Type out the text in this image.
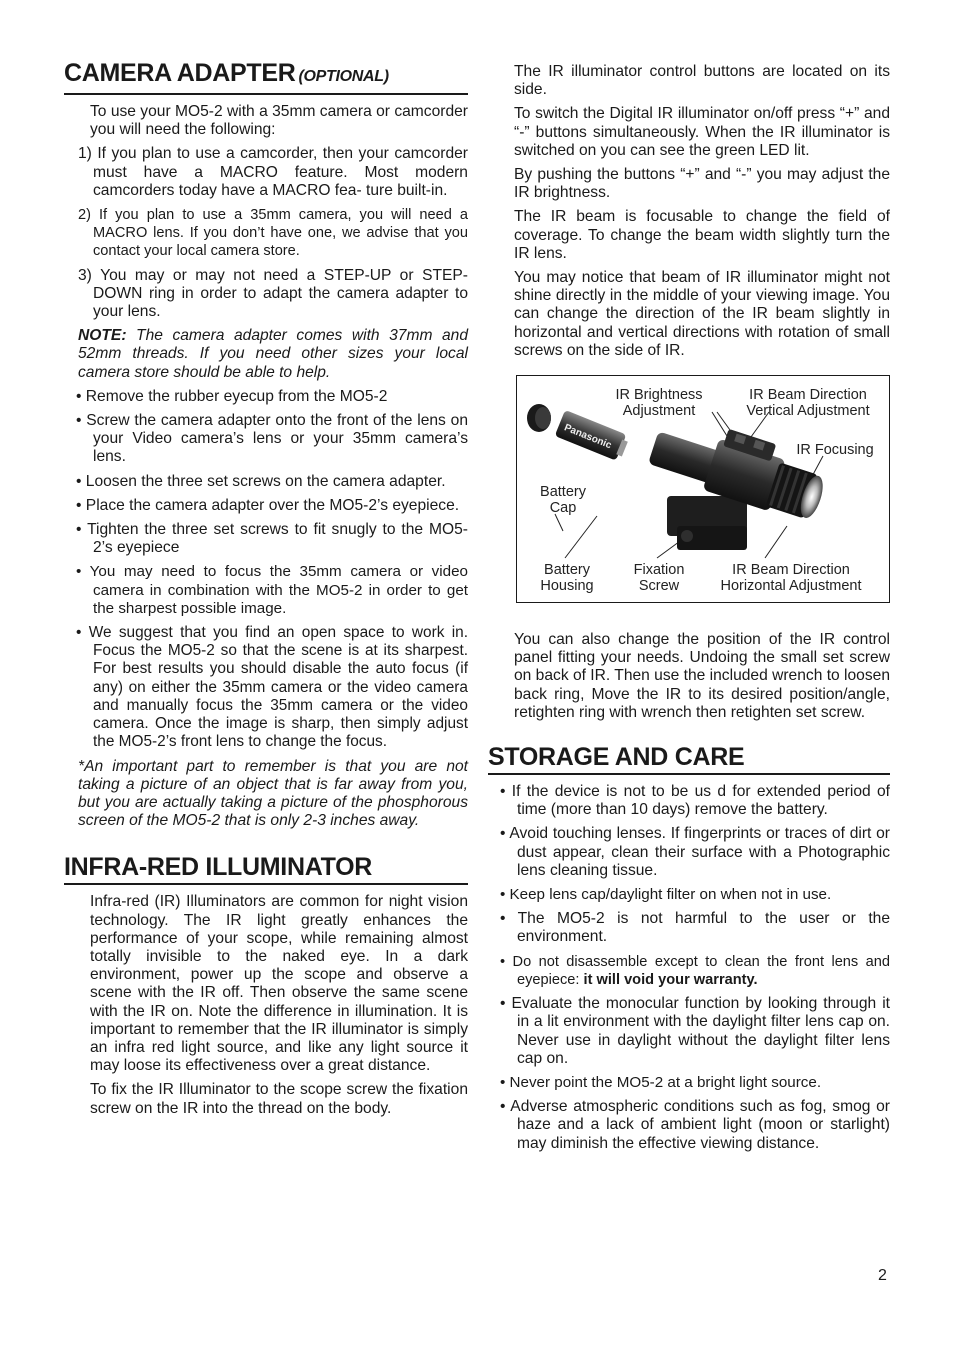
CAMERA ADAPTER (OPTIONAL)

To use your MO5-2 with a 35mm camera or camcorder you will need the following:

1) If you plan to use a camcorder, then your camcorder must have a MACRO feature. Most modern camcorders today have a MACRO fea- ture built-in.

2) If you plan to use a 35mm camera, you will need a MACRO lens. If you don’t have one, we advise that you contact your local camera store.

3) You may or may not need a STEP-UP or STEP-DOWN ring in order to adapt the camera adapter to your lens.

NOTE: The camera adapter comes with 37mm and 52mm threads. If you need other sizes your local camera store should be able to help.

• Remove the rubber eyecup from the MO5-2

• Screw the camera adapter onto the front of the lens on your Video camera’s lens or your 35mm camera’s lens.

• Loosen the three set screws on the camera adapter.

• Place the camera adapter over the MO5-2’s eyepiece.

• Tighten the three set screws to fit snugly to the MO5-2’s eyepiece

• You may need to focus the 35mm camera or video camera in combination with the MO5-2 in order to get the sharpest possible image.

• We suggest that you find an open space to work in. Focus the MO5-2 so that the scene is at its sharpest. For best results you should disable the auto focus (if any) on either the 35mm camera or the video camera and manually focus the 35mm camera or the video camera. Once the image is sharp, then simply adjust the MO5-2’s front lens to change the focus.

*An important part to remember is that you are not taking a picture of an object that is far away from you, but you are actually taking a picture of the phosphorous screen of the MO5-2 that is only 2-3 inches away.

INFRA-RED ILLUMINATOR

Infra-red (IR) Illuminators are common for night vision technology. The IR light greatly enhances the performance of your scope, while remaining almost totally invisible to the naked eye. In a dark environment, power up the scope and observe a scene with the IR off. Then observe the same scene with the IR on. Note the difference in illumination. It is important to remember that the IR illuminator is simply an infra red light source, and like any light source it may loose its effectiveness over a great distance.

To fix the IR Illuminator to the scope screw the fixation screw on the IR into the thread on the body.

The IR illuminator control buttons are located on its side.

To switch the Digital IR illuminator on/off press “+” and “-” buttons simultaneously. When the IR illuminator is switched on you can see the green LED lit.

By pushing the buttons “+” and “-” you may adjust the IR brightness.

The IR beam is focusable to change the field of coverage. To change the beam width slightly turn the IR lens.

You may notice that beam of IR illuminator might not shine directly in the middle of your viewing image. You can change the direction of the IR beam slightly in horizontal and vertical directions with rotation of small screws on the side of IR.

Panasonic
IR Brightness
Adjustment
IR Beam Direction
Vertical Adjustment
IR Focusing
Battery
Cap
Battery
Housing
Fixation
Screw
IR Beam Direction
Horizontal Adjustment

You can also change the position of the IR control panel fitting your needs. Undoing the small set screw on back of IR. Then use the included wrench to loosen back ring, Move the IR to its desired position/angle, retighten ring with wrench then retighten set screw.

STORAGE AND CARE

• If the device is not to be us d for extended period of time (more than 10 days) remove the battery.

• Avoid touching lenses. If fingerprints or traces of dirt or dust appear, clean their surface with a Photographic lens cleaning tissue.

• Keep lens cap/daylight filter on when not in use.

• The MO5-2 is not harmful to the user or the environment.

• Do not disassemble except to clean the front lens and eyepiece: it will void your warranty.

• Evaluate the monocular function by looking through it in a lit environment with the daylight filter lens cap on. Never use in daylight without the daylight filter lens cap on.

• Never point the MO5-2 at a bright light source.

• Adverse atmospheric conditions such as fog, smog or haze and a lack of ambient light (moon or starlight) may diminish the effective viewing distance.

2
